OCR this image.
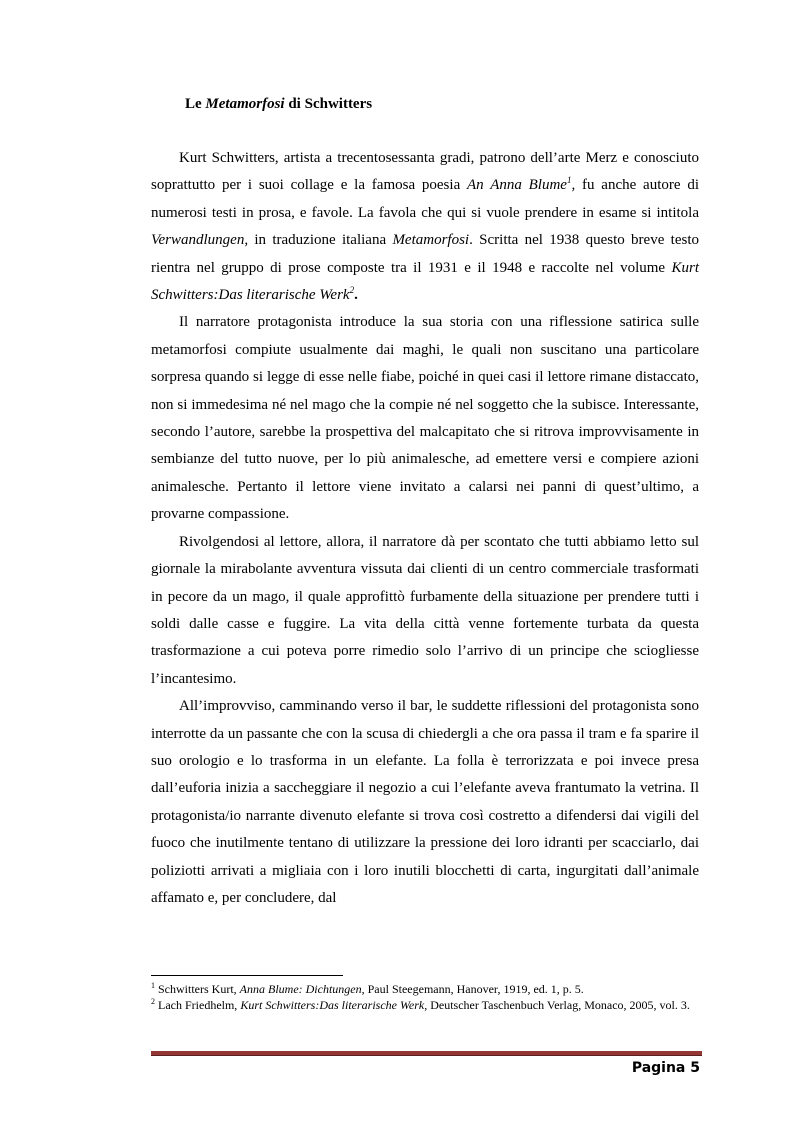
Le Metamorfosi di Schwitters

Kurt Schwitters, artista a trecentosessanta gradi, patrono dell’arte Merz e conosciuto soprattutto per i suoi collage e la famosa poesia An Anna Blume$^1$, fu anche autore di numerosi testi in prosa, e favole. La favola che qui si vuole prendere in esame si intitola Verwandlungen, in traduzione italiana Metamorfosi. Scritta nel 1938 questo breve testo rientra nel gruppo di prose composte tra il 1931 e il 1948 e raccolte nel volume Kurt Schwitters:Das literarische Werk$^2$.

Il narratore protagonista introduce la sua storia con una riflessione satirica sulle metamorfosi compiute usualmente dai maghi, le quali non suscitano una particolare sorpresa quando si legge di esse nelle fiabe, poiché in quei casi il lettore rimane distaccato, non si immedesima né nel mago che la compie né nel soggetto che la subisce. Interessante, secondo l’autore, sarebbe la prospettiva del malcapitato che si ritrova improvvisamente in sembianze del tutto nuove, per lo più animalesche, ad emettere versi e compiere azioni animalesche. Pertanto il lettore viene invitato a calarsi nei panni di quest’ultimo, a provarne compassione.

Rivolgendosi al lettore, allora, il narratore dà per scontato che tutti abbiamo letto sul giornale la mirabolante avventura vissuta dai clienti di un centro commerciale trasformati in pecore da un mago, il quale approfittò furbamente della situazione per prendere tutti i soldi dalle casse e fuggire. La vita della città venne fortemente turbata da questa trasformazione a cui poteva porre rimedio solo l’arrivo di un principe che sciogliesse l’incantesimo.

All’improvviso, camminando verso il bar, le suddette riflessioni del protagonista sono interrotte da un passante che con la scusa di chiedergli a che ora passa il tram e fa sparire il suo orologio e lo trasforma in un elefante. La folla è terrorizzata e poi invece presa dall’euforia inizia a saccheggiare il negozio a cui l’elefante aveva frantumato la vetrina. Il protagonista/io narrante divenuto elefante si trova così costretto a difendersi dai vigili del fuoco che inutilmente tentano di utilizzare la pressione dei loro idranti per scacciarlo, dai poliziotti arrivati a migliaia con i loro inutili blocchetti di carta, ingurgitati dall’animale affamato e, per concludere, dal

$^1$ Schwitters Kurt, Anna Blume: Dichtungen, Paul Steegemann, Hanover, 1919, ed. 1, p. 5.

$^2$ Lach Friedhelm, Kurt Schwitters:Das literarische Werk, Deutscher Taschenbuch Verlag, Monaco, 2005, vol. 3.

Pagina 5
